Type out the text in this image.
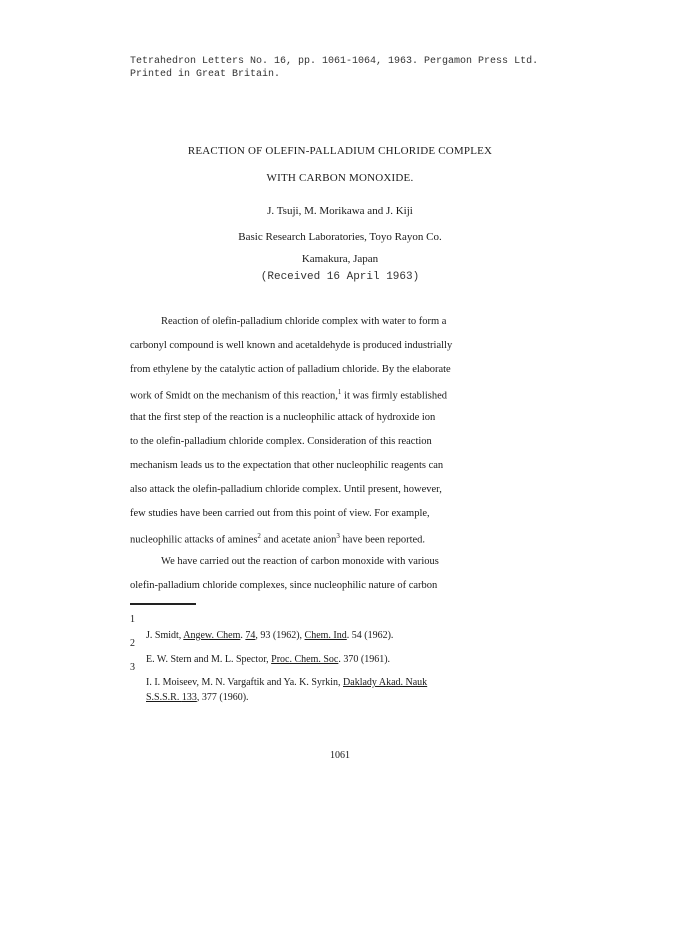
Tetrahedron Letters No. 16, pp. 1061-1064, 1963. Pergamon Press Ltd.
Printed in Great Britain.
REACTION OF OLEFIN-PALLADIUM CHLORIDE COMPLEX
WITH CARBON MONOXIDE.
J. Tsuji, M. Morikawa and J. Kiji
Basic Research Laboratories, Toyo Rayon Co.
Kamakura, Japan
(Received 16 April 1963)
Reaction of olefin-palladium chloride complex with water to form a
carbonyl compound is well known and acetaldehyde is produced industrially
from ethylene by the catalytic action of palladium chloride. By the elaborate
work of Smidt on the mechanism of this reaction,$^1$ it was firmly established
that the first step of the reaction is a nucleophilic attack of hydroxide ion
to the olefin-palladium chloride complex. Consideration of this reaction
mechanism leads us to the expectation that other nucleophilic reagents can
also attack the olefin-palladium chloride complex. Until present, however,
few studies have been carried out from this point of view. For example,
nucleophilic attacks of amines$^2$ and acetate anion$^3$ have been reported.
We have carried out the reaction of carbon monoxide with various
olefin-palladium chloride complexes, since nucleophilic nature of carbon
1
J. Smidt, Angew. Chem. 74, 93 (1962), Chem. Ind. 54 (1962).
2
E. W. Stern and M. L. Spector, Proc. Chem. Soc. 370 (1961).
3
I. I. Moiseev, M. N. Vargaftik and Ya. K. Syrkin, Daklady Akad. Nauk
S.S.S.R. 133, 377 (1960).
1061
